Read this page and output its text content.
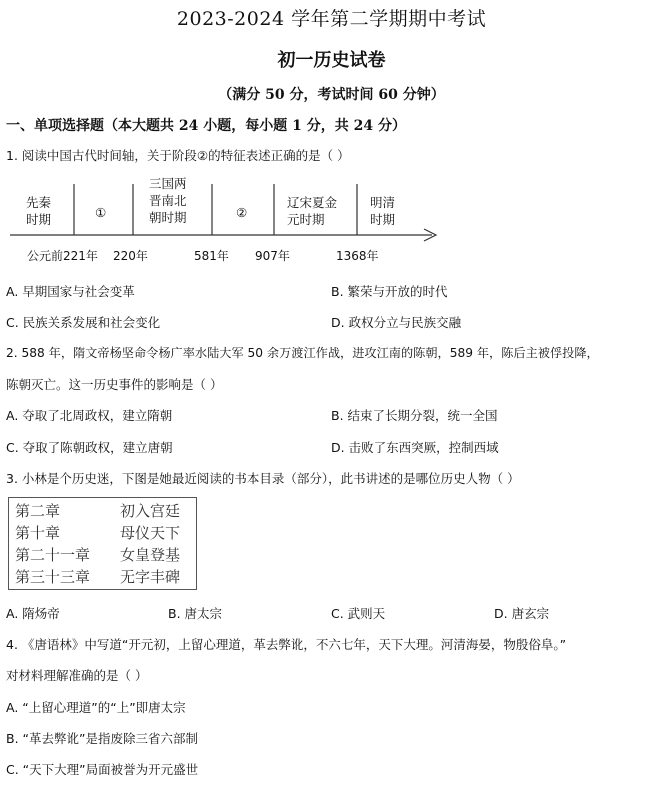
2023-2024 学年第二学期期中考试
初一历史试卷
（满分 50 分，考试时间 60 分钟）
一、单项选择题（本大题共 24 小题，每小题 1 分，共 24 分）
1. 阅读中国古代时间轴，关于阶段②的特征表述正确的是（ ）
先秦
时期	①
三国两
晋南北
朝时期	②
辽宋夏金
元时期
明清
时期
公元前221年 220年	581年 907年	1368年
A. 早期国家与社会变革	B. 繁荣与开放的时代
C. 民族关系发展和社会变化	D. 政权分立与民族交融
2. 588 年，隋文帝杨坚命令杨广率水陆大军 50 余万渡江作战，进攻江南的陈朝，589 年，陈后主被俘投降，
陈朝灭亡。这一历史事件的影响是（ ）
A. 夺取了北周政权，建立隋朝	B. 结束了长期分裂，统一全国
C. 夺取了陈朝政权，建立唐朝	D. 击败了东西突厥，控制西域
3. 小林是个历史迷，下图是她最近阅读的书本目录（部分），此书讲述的是哪位历史人物（ ）
第二章	初入宫廷
第十章	母仪天下
第二十一章 女皇登基
第三十三章 无字丰碑
A. 隋炀帝	B. 唐太宗	C. 武则天	D. 唐玄宗
4. 《唐语林》中写道“开元初，上留心理道，革去弊讹，不六七年，天下大理。河清海晏，物殷俗阜。”
对材料理解准确的是（ ）
A. “上留心理道”的“上”即唐太宗
B. “革去弊讹”是指废除三省六部制
C. “天下大理”局面被誉为开元盛世
